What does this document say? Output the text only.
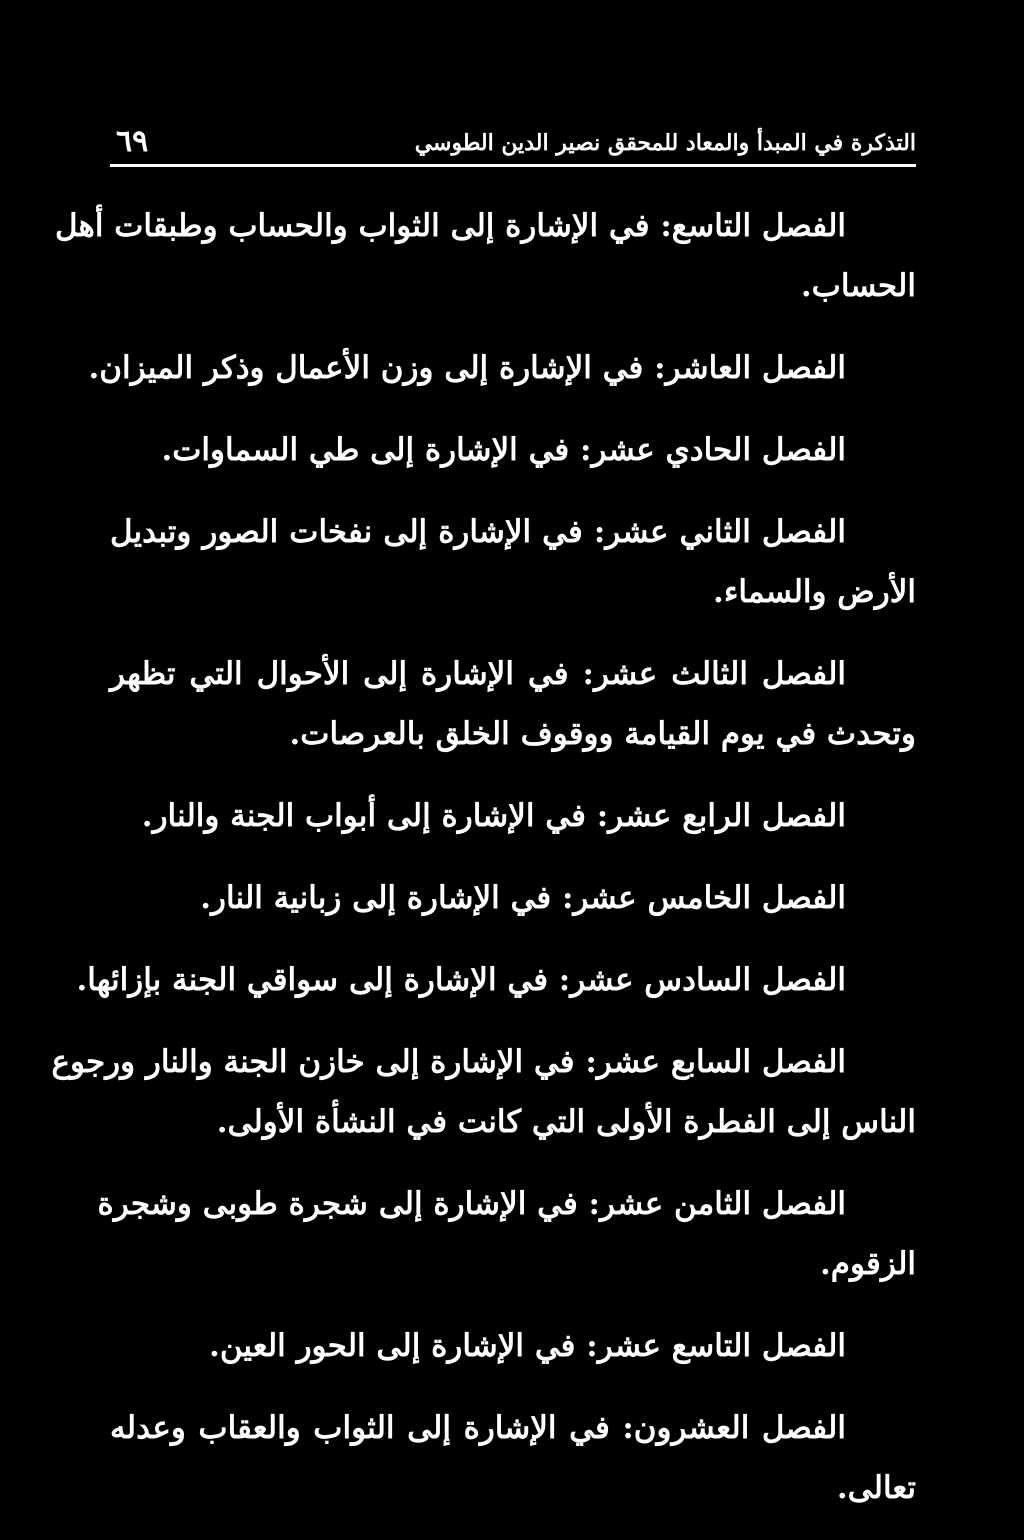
٦٩	التذكرة في المبدأ والمعاد للمحقق نصير الدين الطوسي

الفصل التاسع: في الإشارة إلى الثواب والحساب وطبقات أهل
الحساب.

الفصل العاشر: في الإشارة إلى وزن الأعمال وذكر الميزان.

الفصل الحادي عشر: في الإشارة إلى طي السماوات.

الفصل الثاني عشر: في الإشارة إلى نفخات الصور وتبديل
الأرض والسماء.

الفصل الثالث عشر: في الإشارة إلى الأحوال التي تظهر
وتحدث في يوم القيامة ووقوف الخلق بالعرصات.

الفصل الرابع عشر: في الإشارة إلى أبواب الجنة والنار.

الفصل الخامس عشر: في الإشارة إلى زبانية النار.

الفصل السادس عشر: في الإشارة إلى سواقي الجنة بإزائها.

الفصل السابع عشر: في الإشارة إلى خازن الجنة والنار ورجوع
الناس إلى الفطرة الأولى التي كانت في النشأة الأولى.

الفصل الثامن عشر: في الإشارة إلى شجرة طوبى وشجرة
الزقوم.

الفصل التاسع عشر: في الإشارة إلى الحور العين.

الفصل العشرون: في الإشارة إلى الثواب والعقاب وعدله
تعالى.
